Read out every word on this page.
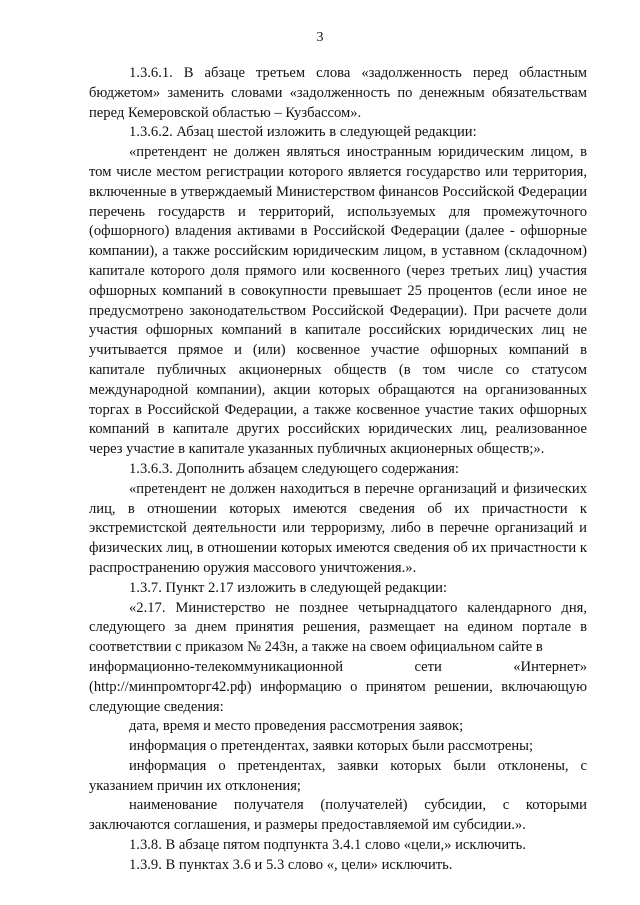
3

1.3.6.1. В абзаце третьем слова «задолженность перед областным бюджетом» заменить словами «задолженность по денежным обязательствам перед Кемеровской областью – Кузбассом».

1.3.6.2. Абзац шестой изложить в следующей редакции:

«претендент не должен являться иностранным юридическим лицом, в том числе местом регистрации которого является государство или территория, включенные в утверждаемый Министерством финансов Российской Федерации перечень государств и территорий, используемых для промежуточного (офшорного) владения активами в Российской Федерации (далее - офшорные компании), а также российским юридическим лицом, в уставном (складочном) капитале которого доля прямого или косвенного (через третьих лиц) участия офшорных компаний в совокупности превышает 25 процентов (если иное не предусмотрено законодательством Российской Федерации). При расчете доли участия офшорных компаний в капитале российских юридических лиц не учитывается прямое и (или) косвенное участие офшорных компаний в капитале публичных акционерных обществ (в том числе со статусом международной компании), акции которых обращаются на организованных торгах в Российской Федерации, а также косвенное участие таких офшорных компаний в капитале других российских юридических лиц, реализованное через участие в капитале указанных публичных акционерных обществ;».

1.3.6.3. Дополнить абзацем следующего содержания:

«претендент не должен находиться в перечне организаций и физических лиц, в отношении которых имеются сведения об их причастности к экстремистской деятельности или терроризму, либо в перечне организаций и физических лиц, в отношении которых имеются сведения об их причастности к распространению оружия массового уничтожения.».

1.3.7. Пункт 2.17 изложить в следующей редакции:

«2.17. Министерство не позднее четырнадцатого календарного дня, следующего за днем принятия решения, размещает на едином портале в соответствии с приказом № 243н, а также на своем официальном сайте в

информационно-телекоммуникационной	сети	«Интернет»

(http://минпромторг42.рф) информацию о принятом решении, включающую следующие сведения:

дата, время и место проведения рассмотрения заявок;

информация о претендентах, заявки которых были рассмотрены;

информация о претендентах, заявки которых были отклонены, с указанием причин их отклонения;

наименование получателя (получателей) субсидии, с которыми заключаются соглашения, и размеры предоставляемой им субсидии.».

1.3.8. В абзаце пятом подпункта 3.4.1 слово «цели,» исключить.

1.3.9. В пунктах 3.6 и 5.3 слово «, цели» исключить.
